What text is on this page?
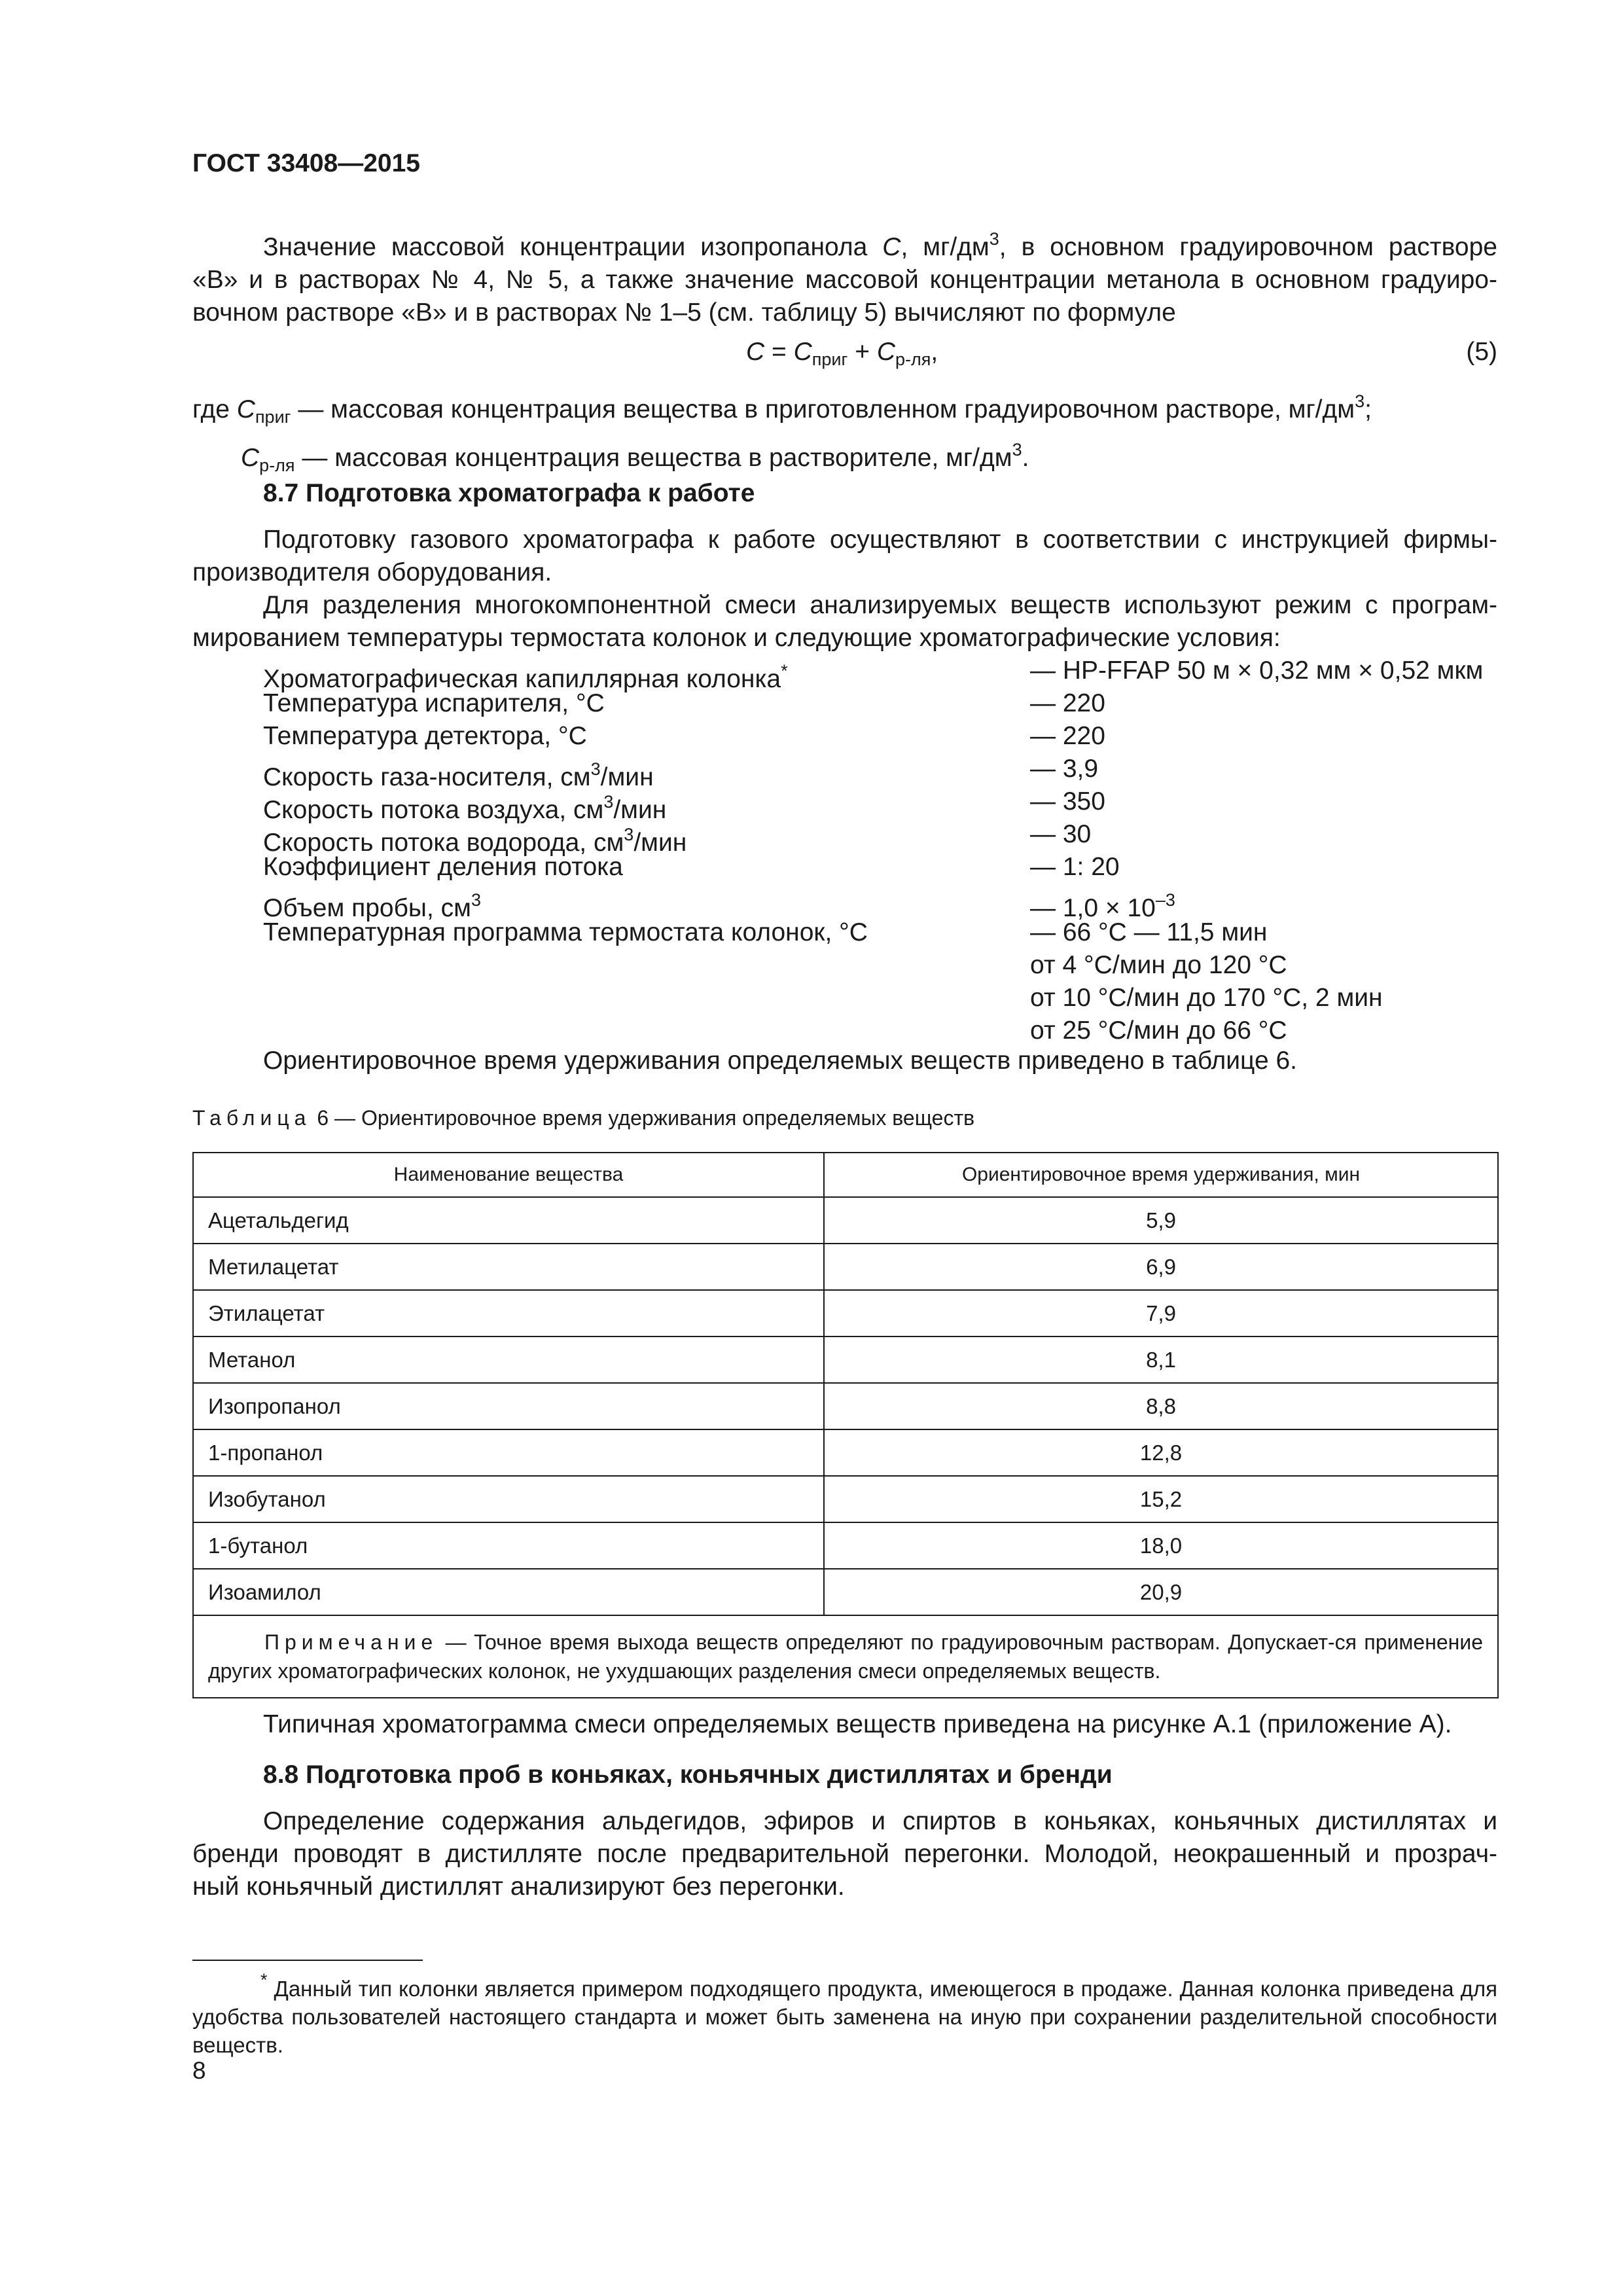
ГОСТ 33408—2015
Значение массовой концентрации изопропанола C, $мг/дм^3$, в основном градуировочном растворе
«В» и в растворах № 4, № 5, а также значение массовой концентрации метанола в основном градуиро-
вочном растворе «В» и в растворах № 1–5 (см. таблицу 5) вычисляют по формуле
$C = C_{приг} + C_{р-ля}$,	(5)
где $C_{приг}$ — массовая концентрация вещества в приготовленном градуировочном растворе, $мг/дм^3$;
$C_{р-ля}$ — массовая концентрация вещества в растворителе, $мг/дм^3$.
8.7 Подготовка хроматографа к работе
Подготовку газового хроматографа к работе осуществляют в соответствии с инструкцией фирмы-
производителя оборудования.
Для разделения многокомпонентной смеси анализируемых веществ используют режим с програм-
мированием температуры термостата колонок и следующие хроматографические условия:
Хроматографическая капиллярная колонка*	— HP-FFAP 50 м × 0,32 мм × 0,52 мкм
Температура испарителя, °С	— 220
Температура детектора, °С	— 220
Скорость газа-носителя, $см^3$/мин	— 3,9
Скорость потока воздуха, $см^3$/мин	— 350
Скорость потока водорода, $см^3$/мин	— 30
Коэффициент деления потока	— 1: 20
Объем пробы, $см^3$	— $1,0 \times 10^{-3}$
Температурная программа термостата колонок, °С	— 66 °С — 11,5 мин
от 4 °С/мин до 120 °С
от 10 °С/мин до 170 °С, 2 мин
от 25 °С/мин до 66 °С
Ориентировочное время удерживания определяемых веществ приведено в таблице 6.
Таблица 6 — Ориентировочное время удерживания определяемых веществ
Наименование вещества	Ориентировочное время удерживания, мин
Ацетальдегид	5,9
Метилацетат	6,9
Этилацетат	7,9
Метанол	8,1
Изопропанол	8,8
1-пропанол	12,8
Изобутанол	15,2
1-бутанол	18,0
Изоамилол	20,9
Примечание — Точное время выхода веществ определяют по градуировочным растворам. Допускает-ся применение других хроматографических колонок, не ухудшающих разделения смеси определяемых веществ.	
Типичная хроматограмма смеси определяемых веществ приведена на рисунке А.1 (приложение А).
8.8 Подготовка проб в коньяках, коньячных дистиллятах и бренди
Определение содержания альдегидов, эфиров и спиртов в коньяках, коньячных дистиллятах и
бренди проводят в дистилляте после предварительной перегонки. Молодой, неокрашенный и прозрач-
ный коньячный дистиллят анализируют без перегонки.
* Данный тип колонки является примером подходящего продукта, имеющегося в продаже. Данная колонка приведена для удобства пользователей настоящего стандарта и может быть заменена на иную при сохранении разделительной способности веществ.
8
